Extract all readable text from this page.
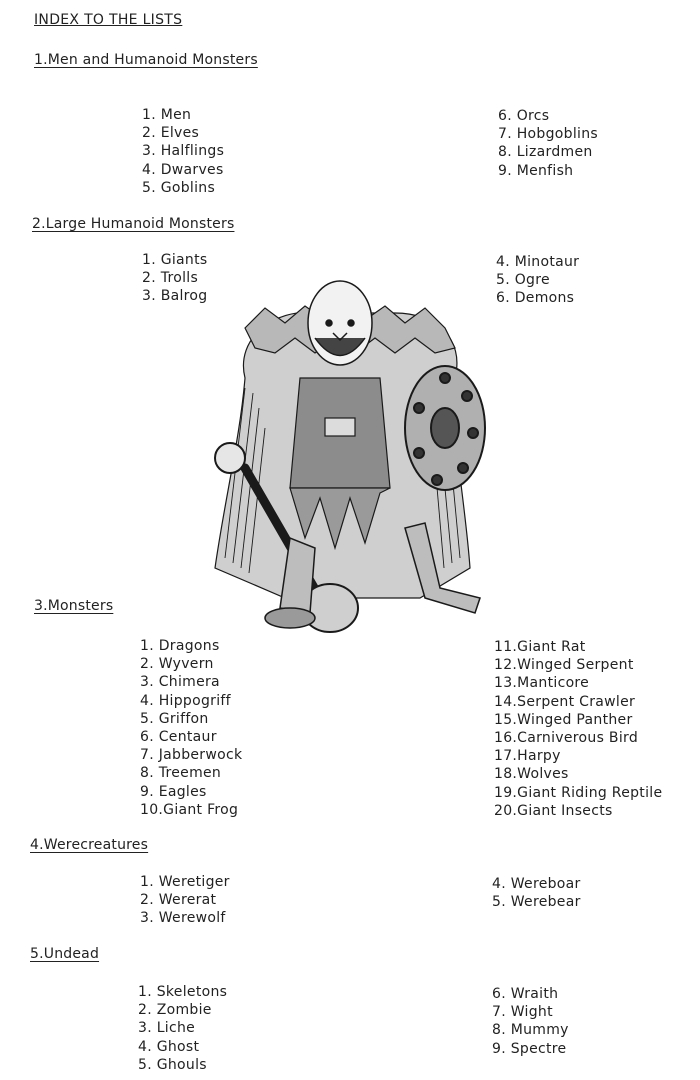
INDEX TO THE LISTS
1.Men and Humanoid Monsters
1. Men
2. Elves
3. Halflings
4. Dwarves
5. Goblins
6. Orcs
7. Hobgoblins
8. Lizardmen
9. Menfish
2.Large Humanoid Monsters
1. Giants
2. Trolls
3. Balrog
4. Minotaur
5. Ogre
6. Demons
3.Monsters
1. Dragons
2. Wyvern
3. Chimera
4. Hippogriff
5. Griffon
6. Centaur
7. Jabberwock
8. Treemen
9. Eagles
10.Giant Frog
11.Giant Rat
12.Winged Serpent
13.Manticore
14.Serpent Crawler
15.Winged Panther
16.Carniverous Bird
17.Harpy
18.Wolves
19.Giant Riding Reptile
20.Giant Insects
4.Werecreatures
1. Weretiger
2. Wererat
3. Werewolf
4. Wereboar
5. Werebear
5.Undead
1. Skeletons
2. Zombie
3. Liche
4. Ghost
5. Ghouls
6. Wraith
7. Wight
8. Mummy
9. Spectre
